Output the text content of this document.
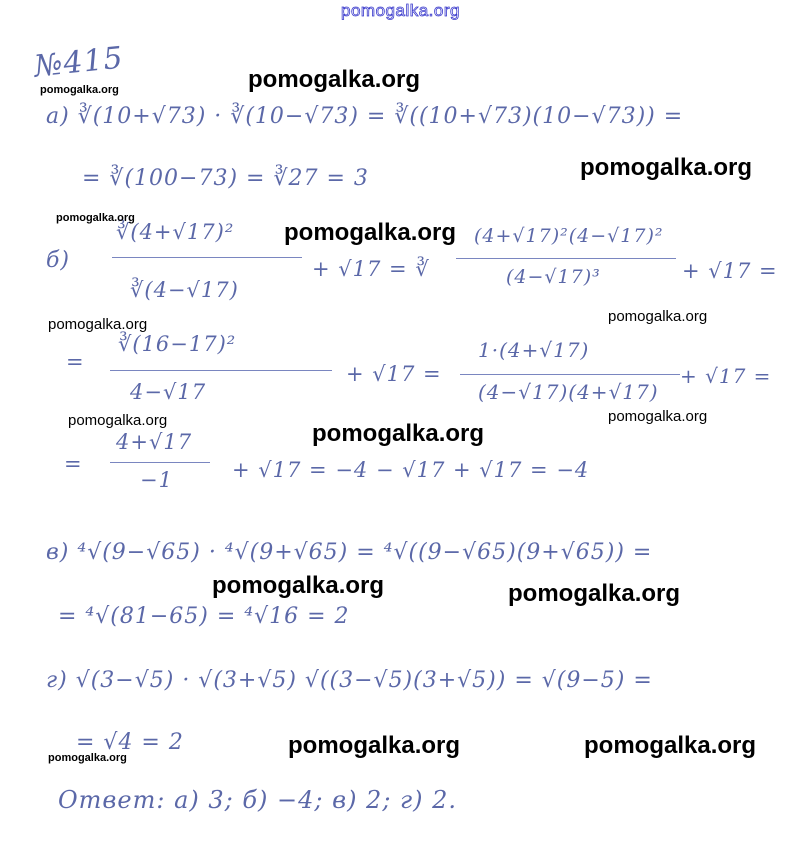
pomogalka.org
№415
а) ∛(10+√73) · ∛(10−√73) = ∛((10+√73)(10−√73)) =
= ∛(100−73) = ∛27 = 3
б)
∛(4+√17)²
∛(4−√17)
+ √17 = ∛
(4+√17)²(4−√17)²
(4−√17)³	+ √17 =
=
∛(16−17)²
4−√17
+ √17 =
1·(4+√17)
(4−√17)(4+√17)
+ √17 =
=
4+√17
−1	+ √17 = −4 − √17 + √17 = −4
в) ⁴√(9−√65) · ⁴√(9+√65) = ⁴√((9−√65)(9+√65)) =
= ⁴√(81−65) = ⁴√16 = 2
г) √(3−√5) · √(3+√5) √((3−√5)(3+√5)) = √(9−5) =
= √4 = 2
Ответ: а) 3; б) −4; в) 2; г) 2.
pomogalka.org
pomogalka.org
pomogalka.org
pomogalka.org
pomogalka.org
pomogalka.org	pomogalka.org
pomogalka.org	pomogalka.org
pomogalka.org
pomogalka.org	pomogalka.org
pomogalka.org	pomogalka.org
pomogalka.org
